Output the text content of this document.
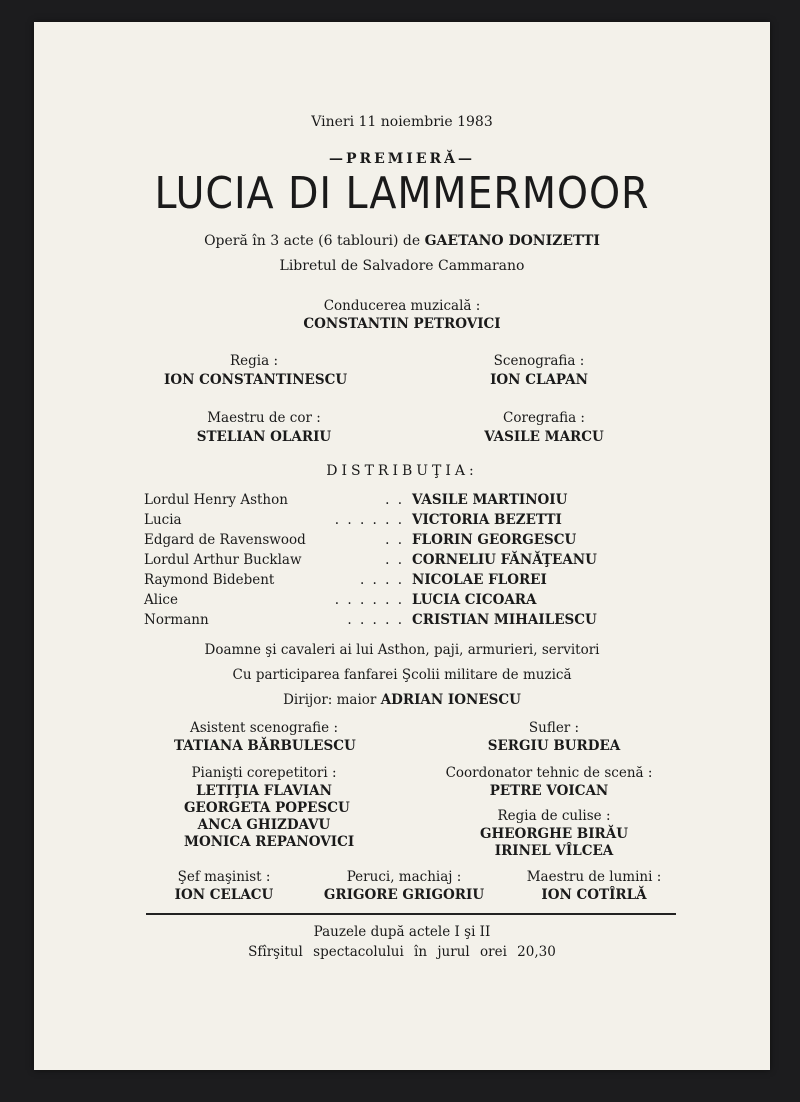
Vineri 11 noiembrie 1983
—PREMIERĂ—
LUCIA DI LAMMERMOOR
Operă în 3 acte (6 tablouri) de GAETANO DONIZETTI
Libretul de Salvadore Cammarano
Conducerea muzicală :
CONSTANTIN PETROVICI
Regia :
ION CONSTANTINESCU
Scenografia :
ION CLAPAN
Maestru de cor :
STELIAN OLARIU
Coregrafia :
VASILE MARCU
DISTRIBUŢIA:
Lordul Henry Asthon	. . VASILE MARTINOIU
Lucia	. . . . . . VICTORIA BEZETTI
Edgard de Ravenswood	. . FLORIN GEORGESCU
Lordul Arthur Bucklaw	. . CORNELIU FĂNĂŢEANU
Raymond Bidebent	. . . . NICOLAE FLOREI
Alice	. . . . . . LUCIA CICOARA
Normann	. . . . . CRISTIAN MIHAILESCU
Doamne şi cavaleri ai lui Asthon, paji, armurieri, servitori
Cu participarea fanfarei Şcolii militare de muzică
Dirijor: maior ADRIAN IONESCU
Asistent scenografie :
TATIANA BĂRBULESCU
Sufler :
SERGIU BURDEA
Pianişti corepetitori :
LETIŢIA FLAVIAN
GEORGETA POPESCU
ANCA GHIZDAVU
MONICA REPANOVICI
Coordonator tehnic de scenă :
PETRE VOICAN
Regia de culise :
GHEORGHE BIRĂU
IRINEL VÎLCEA
Şef maşinist :
ION CELACU
Peruci, machiaj :
GRIGORE GRIGORIU
Maestru de lumini :
ION COTÎRLĂ
Pauzele după actele I şi II
Sfîrşitul spectacolului în jurul orei 20,30
